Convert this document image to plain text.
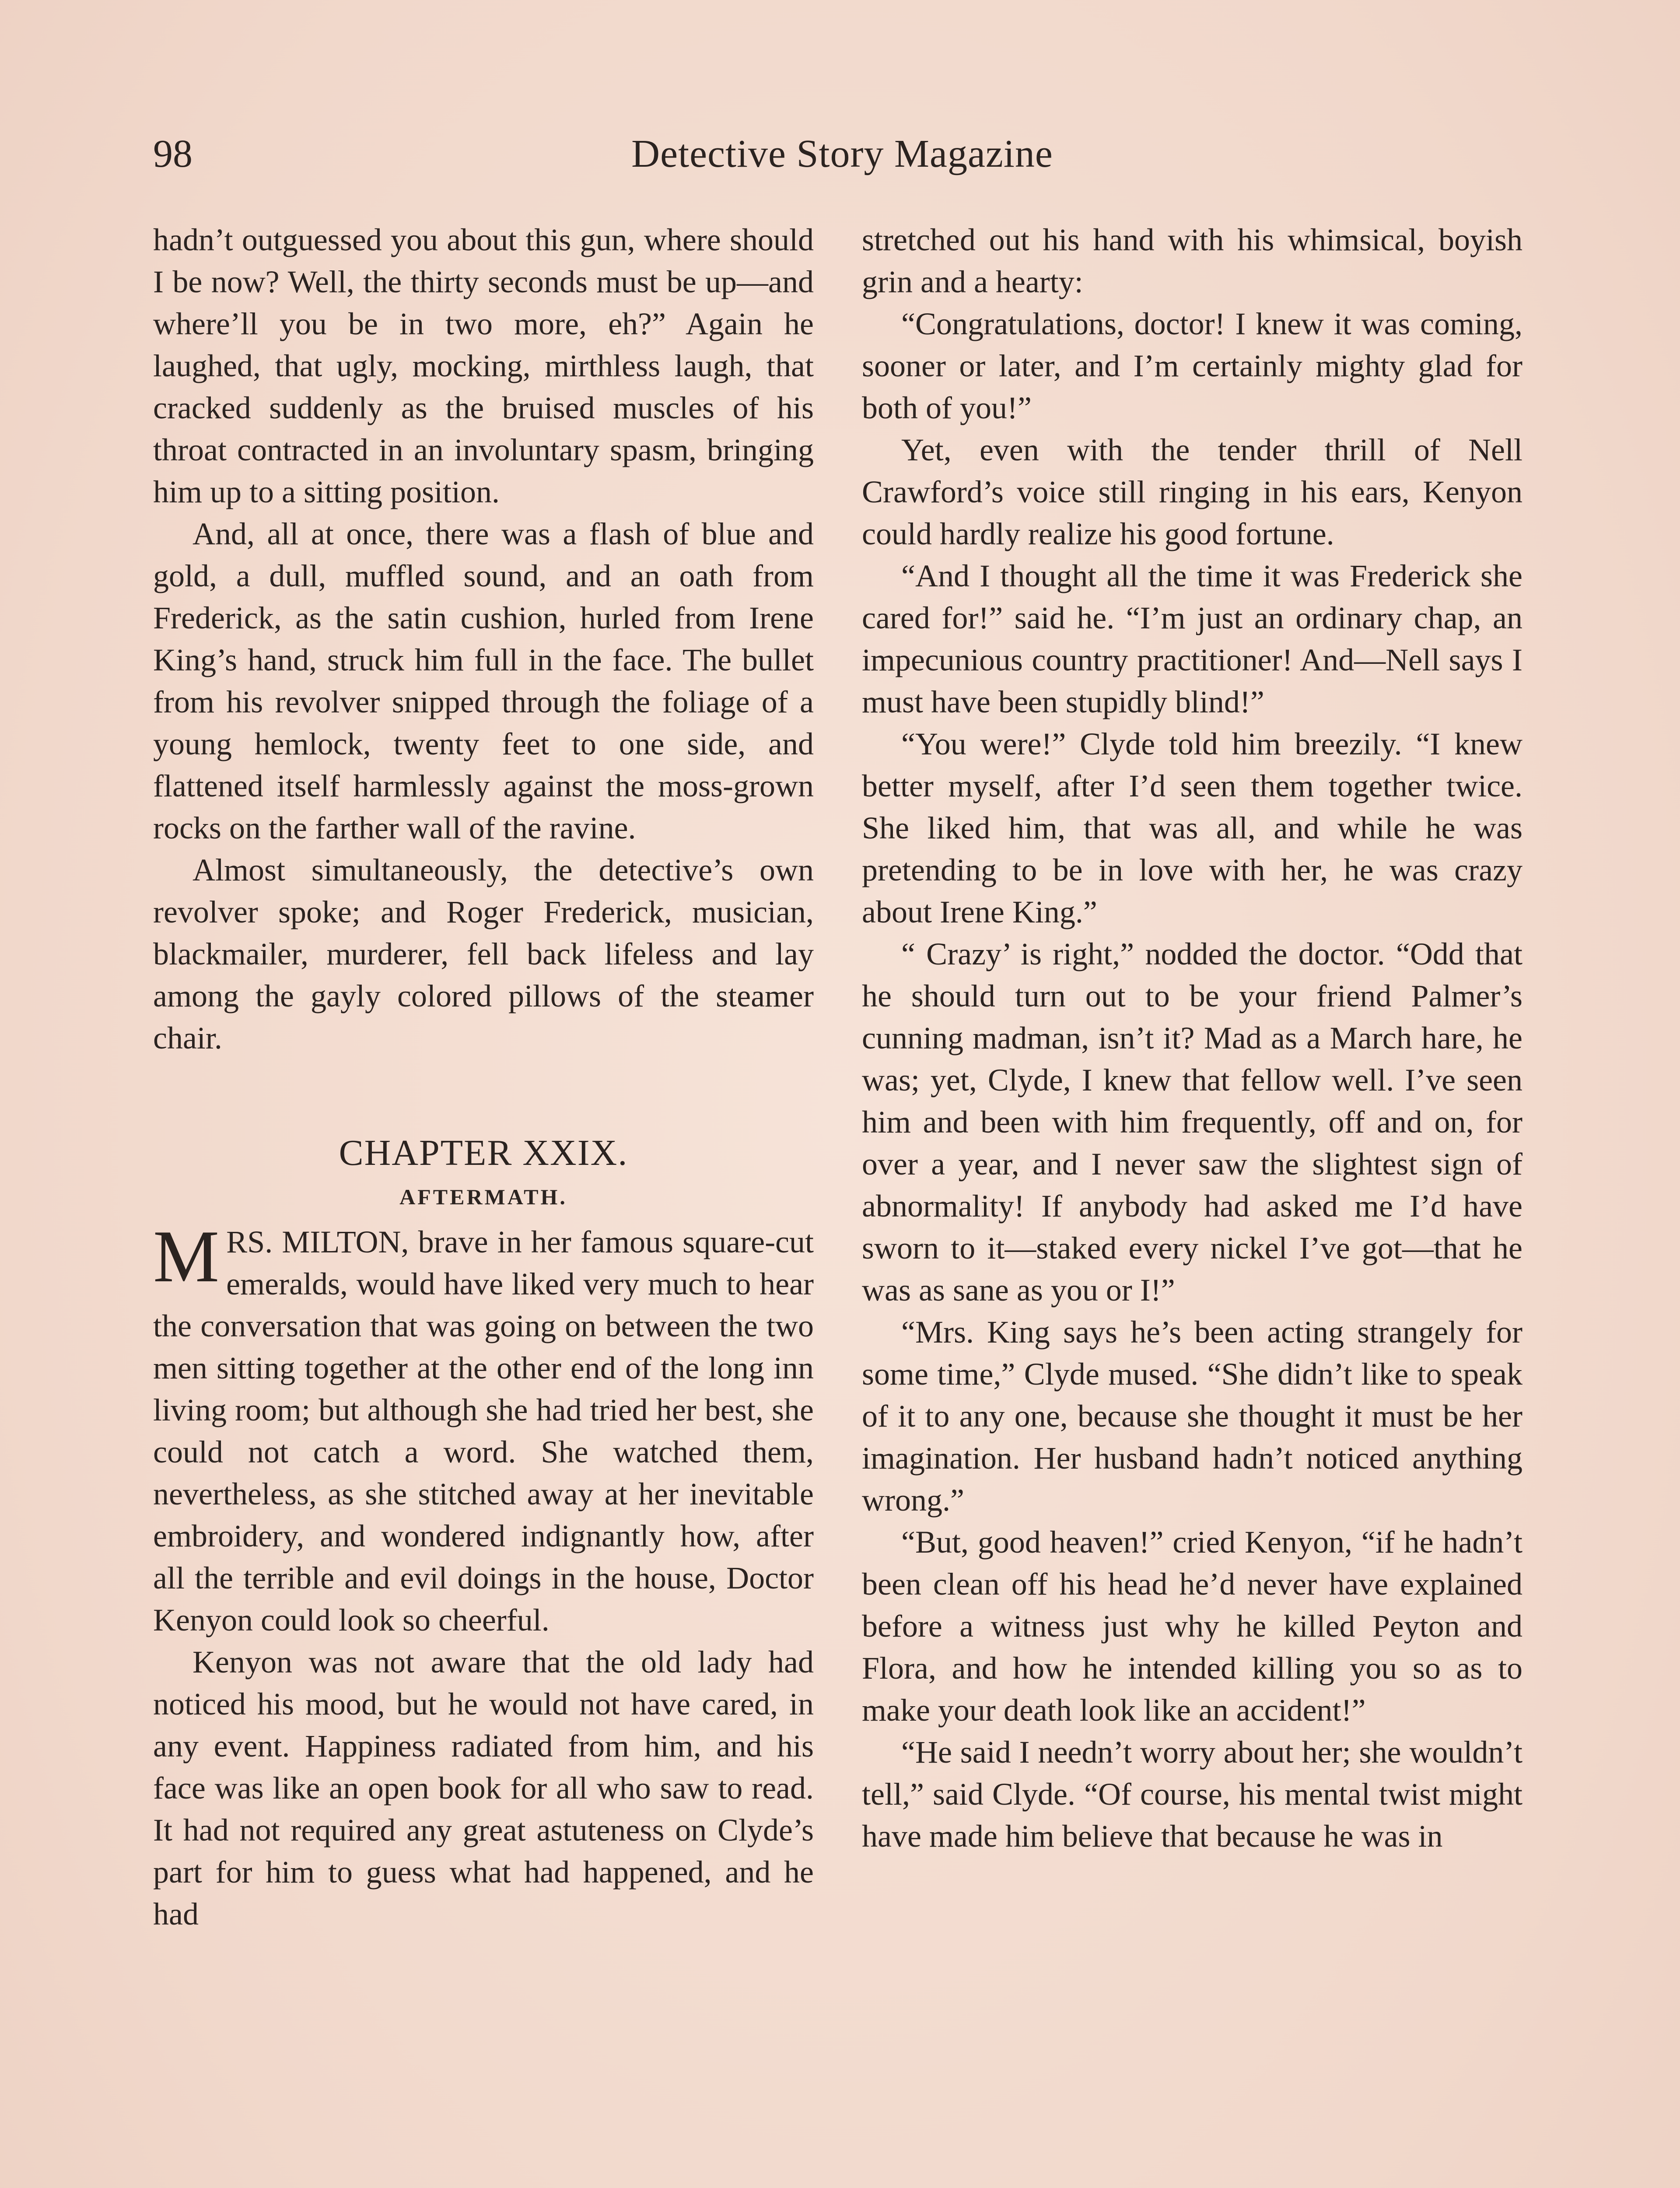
98	Detective Story Magazine

hadn’t outguessed you about this gun, where should I be now? Well, the thirty seconds must be up—and where’ll you be in two more, eh?” Again he laughed, that ugly, mocking, mirthless laugh, that cracked suddenly as the bruised muscles of his throat contracted in an involuntary spasm, bringing him up to a sitting position.

And, all at once, there was a flash of blue and gold, a dull, muffled sound, and an oath from Frederick, as the satin cushion, hurled from Irene King’s hand, struck him full in the face. The bullet from his revolver snipped through the foliage of a young hemlock, twenty feet to one side, and flattened itself harmlessly against the moss-grown rocks on the farther wall of the ravine.

Almost simultaneously, the detective’s own revolver spoke; and Roger Frederick, musician, blackmailer, murderer, fell back lifeless and lay among the gayly colored pillows of the steamer chair.

CHAPTER XXIX.
AFTERMATH.

MRS. MILTON, brave in her famous square-cut emeralds, would have liked very much to hear the conversation that was going on between the two men sitting together at the other end of the long inn living room; but although she had tried her best, she could not catch a word. She watched them, nevertheless, as she stitched away at her inevitable embroidery, and wondered indignantly how, after all the terrible and evil doings in the house, Doctor Kenyon could look so cheerful.

Kenyon was not aware that the old lady had noticed his mood, but he would not have cared, in any event. Happiness radiated from him, and his face was like an open book for all who saw to read. It had not required any great astuteness on Clyde’s part for him to guess what had happened, and he had

stretched out his hand with his whimsical, boyish grin and a hearty:

“Congratulations, doctor! I knew it was coming, sooner or later, and I’m certainly mighty glad for both of you!”

Yet, even with the tender thrill of Nell Crawford’s voice still ringing in his ears, Kenyon could hardly realize his good fortune.

“And I thought all the time it was Frederick she cared for!” said he. “I’m just an ordinary chap, an impecunious country practitioner! And—Nell says I must have been stupidly blind!”

“You were!” Clyde told him breezily. “I knew better myself, after I’d seen them together twice. She liked him, that was all, and while he was pretending to be in love with her, he was crazy about Irene King.”

“ Crazy’ is right,” nodded the doctor. “Odd that he should turn out to be your friend Palmer’s cunning madman, isn’t it? Mad as a March hare, he was; yet, Clyde, I knew that fellow well. I’ve seen him and been with him frequently, off and on, for over a year, and I never saw the slightest sign of abnormality! If anybody had asked me I’d have sworn to it—staked every nickel I’ve got—that he was as sane as you or I!”

“Mrs. King says he’s been acting strangely for some time,” Clyde mused. “She didn’t like to speak of it to any one, because she thought it must be her imagination. Her husband hadn’t noticed anything wrong.”

“But, good heaven!” cried Kenyon, “if he hadn’t been clean off his head he’d never have explained before a witness just why he killed Peyton and Flora, and how he intended killing you so as to make your death look like an accident!”

“He said I needn’t worry about her; she wouldn’t tell,” said Clyde. “Of course, his mental twist might have made him believe that because he was in
